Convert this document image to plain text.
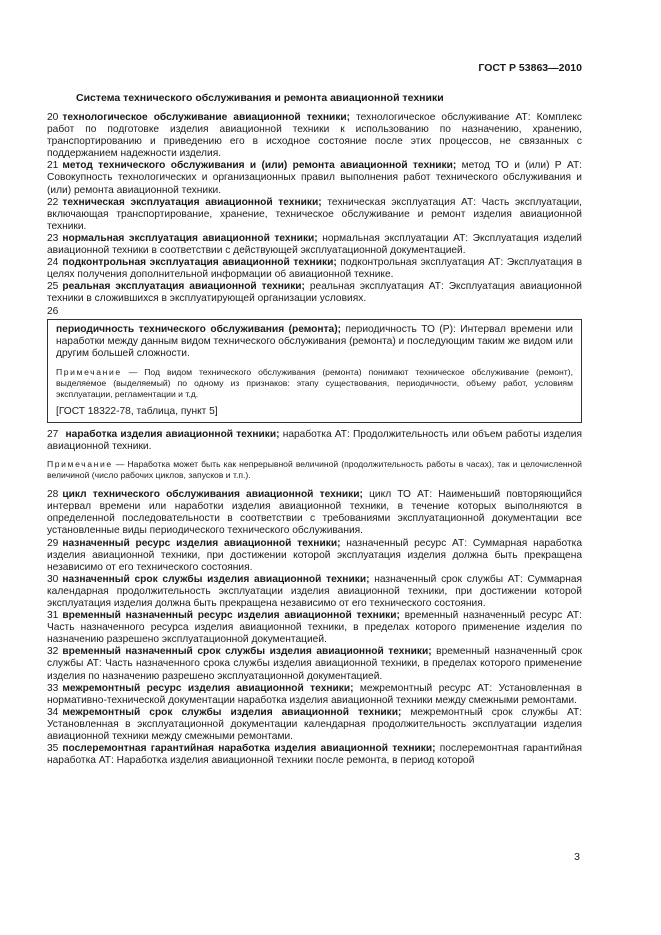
ГОСТ Р 53863—2010
Система технического обслуживания и ремонта авиационной техники

20 технологическое обслуживание авиационной техники; технологическое обслуживание АТ: Комплекс работ по подготовке изделия авиационной техники к использованию по назначению, хранению, транспортированию и приведению его в исходное состояние после этих процессов, не связанных с поддержанием надежности изделия.

21 метод технического обслуживания и (или) ремонта авиационной техники; метод ТО и (или) Р АТ: Совокупность технологических и организационных правил выполнения работ технического обслуживания и (или) ремонта авиационной техники.

22 техническая эксплуатация авиационной техники; техническая эксплуатация АТ: Часть эксплуатации, включающая транспортирование, хранение, техническое обслуживание и ремонт изделия авиационной техники.

23 нормальная эксплуатация авиационной техники; нормальная эксплуатации АТ: Эксплуатация изделий авиационной техники в соответствии с действующей эксплуатационной документацией.

24 подконтрольная эксплуатация авиационной техники; подконтрольная эксплуатация АТ: Эксплуатация в целях получения дополнительной информации об авиационной технике.

25 реальная эксплуатация авиационной техники; реальная эксплуатация АТ: Эксплуатация авиационной техники в сложившихся в эксплуатирующей организации условиях.

26

периодичность технического обслуживания (ремонта); периодичность ТО (Р): Интервал времени или наработки между данным видом технического обслуживания (ремонта) и последующим таким же видом или другим большей сложности.

Примечание — Под видом технического обслуживания (ремонта) понимают техническое обслуживание (ремонт), выделяемое (выделяемый) по одному из признаков: этапу существования, периодичности, объему работ, условиям эксплуатации, регламентации и т.д.

[ГОСТ 18322-78, таблица, пункт 5]

27 наработка изделия авиационной техники; наработка АТ: Продолжительность или объем работы изделия авиационной техники.

Примечание — Наработка может быть как непрерывной величиной (продолжительность работы в часах), так и целочисленной величиной (число рабочих циклов, запусков и т.п.).

28 цикл технического обслуживания авиационной техники; цикл ТО АТ: Наименьший повторяющийся интервал времени или наработки изделия авиационной техники, в течение которых выполняются в определенной последовательности в соответствии с требованиями эксплуатационной документации все установленные виды периодического технического обслуживания.

29 назначенный ресурс изделия авиационной техники; назначенный ресурс АТ: Суммарная наработка изделия авиационной техники, при достижении которой эксплуатация изделия должна быть прекращена независимо от его технического состояния.

30 назначенный срок службы изделия авиационной техники; назначенный срок службы АТ: Суммарная календарная продолжительность эксплуатации изделия авиационной техники, при достижении которой эксплуатация изделия должна быть прекращена независимо от его технического состояния.

31 временный назначенный ресурс изделия авиационной техники; временный назначенный ресурс АТ: Часть назначенного ресурса изделия авиационной техники, в пределах которого применение изделия по назначению разрешено эксплуатационной документацией.

32 временный назначенный срок службы изделия авиационной техники; временный назначенный срок службы АТ: Часть назначенного срока службы изделия авиационной техники, в пределах которого применение изделия по назначению разрешено эксплуатационной документацией.

33 межремонтный ресурс изделия авиационной техники; межремонтный ресурс АТ: Установленная в нормативно-технической документации наработка изделия авиационной техники между смежными ремонтами.

34 межремонтный срок службы изделия авиационной техники; межремонтный срок службы АТ: Установленная в эксплуатационной документации календарная продолжительность эксплуатации изделия авиационной техники между смежными ремонтами.

35 послеремонтная гарантийная наработка изделия авиационной техники; послеремонтная гарантийная наработка АТ: Наработка изделия авиационной техники после ремонта, в период которой

3
